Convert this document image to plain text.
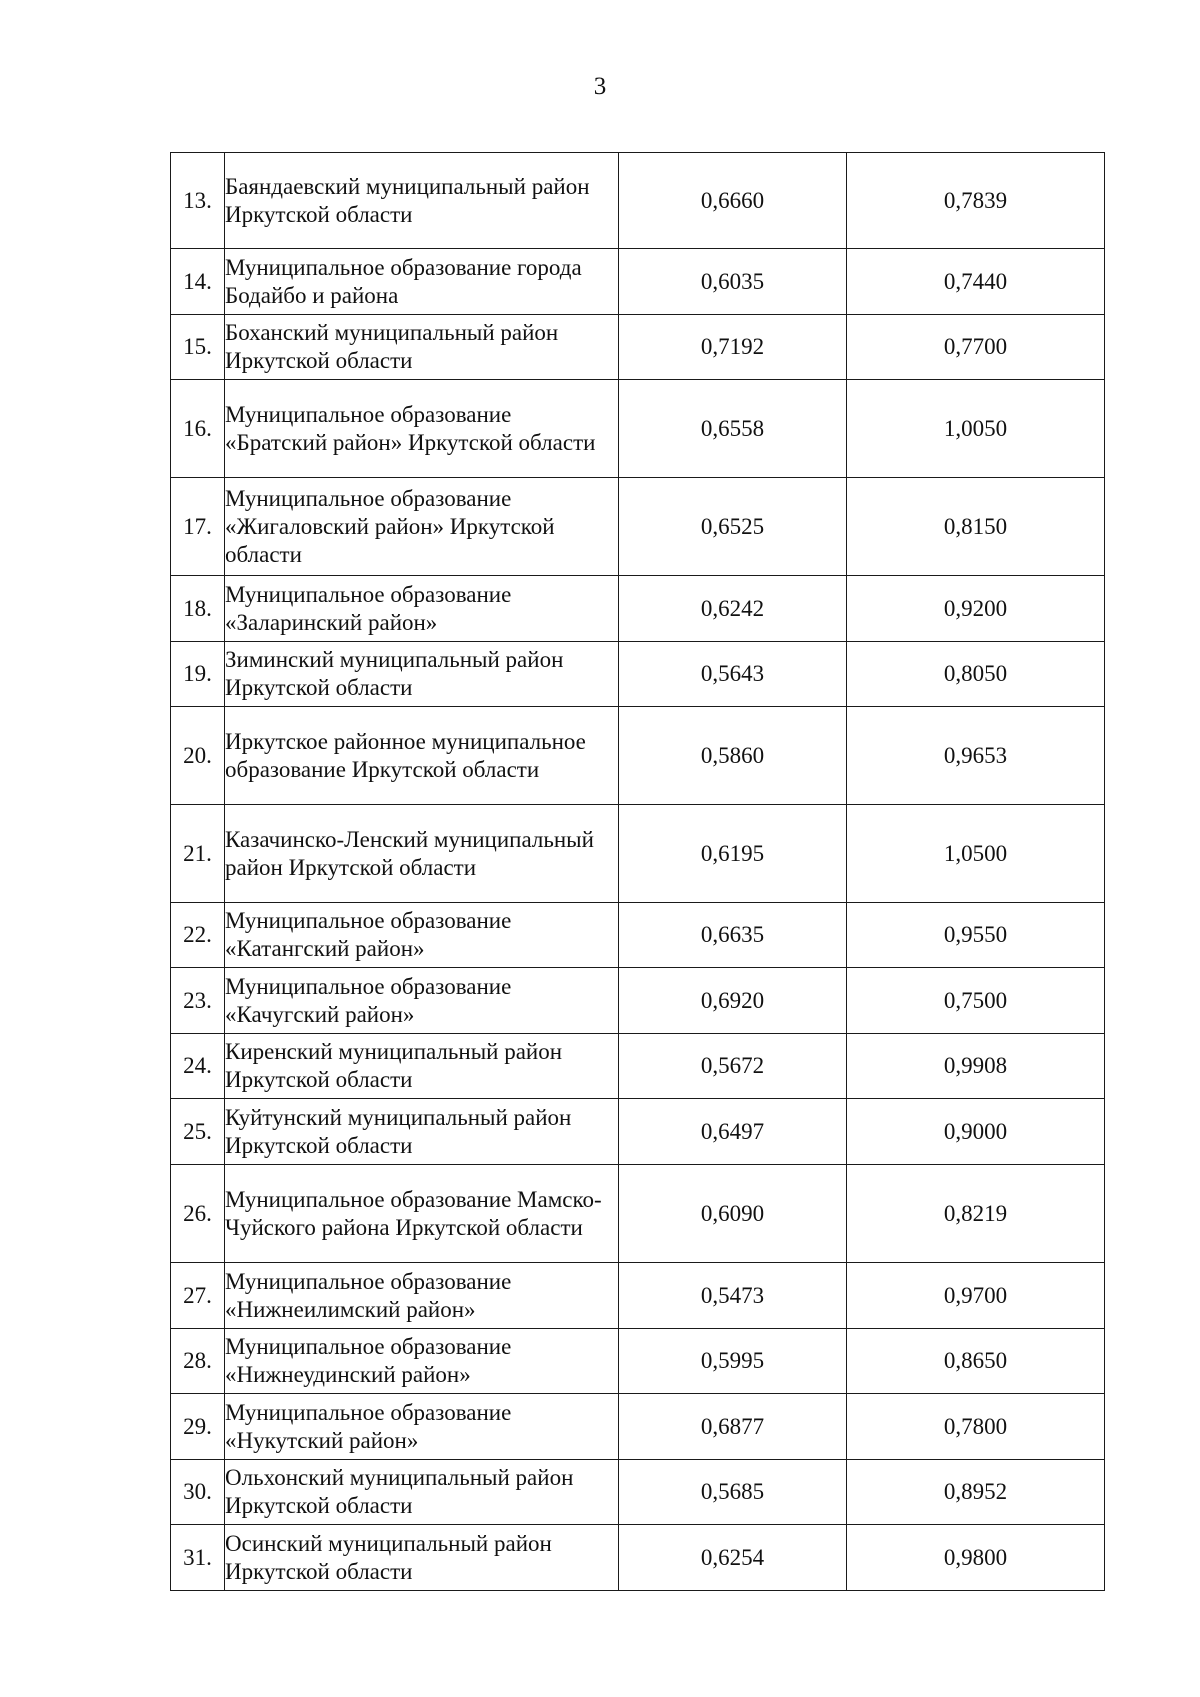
3
13.	Баяндаевский муниципальный район Иркутской области	0,6660	0,7839
14.	Муниципальное образование города Бодайбо и района	0,6035	0,7440
15.	Боханский муниципальный район Иркутской области	0,7192	0,7700
16.	Муниципальное образование «Братский район» Иркутской области	0,6558	1,0050
17.	Муниципальное образование «Жигаловский район» Иркутской области	0,6525	0,8150
18.	Муниципальное образование «Заларинский район»	0,6242	0,9200
19.	Зиминский муниципальный район Иркутской области	0,5643	0,8050
20.	Иркутское районное муниципальное образование Иркутской области	0,5860	0,9653
21.	Казачинско-Ленский муниципальный район Иркутской области	0,6195	1,0500
22.	Муниципальное образование «Катангский район»	0,6635	0,9550
23.	Муниципальное образование «Качугский район»	0,6920	0,7500
24.	Киренский муниципальный район Иркутской области	0,5672	0,9908
25.	Куйтунский муниципальный район Иркутской области	0,6497	0,9000
26.	Муниципальное образование Мамско-Чуйского района Иркутской области	0,6090	0,8219
27.	Муниципальное образование «Нижнеилимский район»	0,5473	0,9700
28.	Муниципальное образование «Нижнеудинский район»	0,5995	0,8650
29.	Муниципальное образование «Нукутский район»	0,6877	0,7800
30.	Ольхонский муниципальный район Иркутской области	0,5685	0,8952
31.	Осинский муниципальный район Иркутской области	0,6254	0,9800
